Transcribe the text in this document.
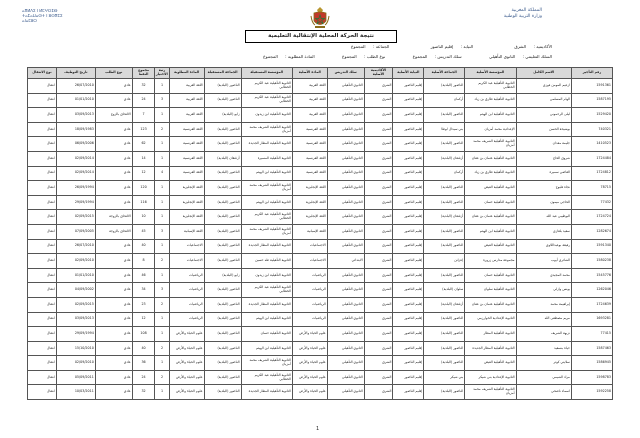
ⴰⴳⵍⴷⵉ ⵏ ⵍⵎⵖⵔⵉⴱ
ⵜⴰⵎⴰⵡⴰⵙⵜ ⵏ ⵓⵙⴳⵎⵉ
ⴰⵏⴰⵎⵓⵔ
المملكة المغربية
وزارة التربية الوطنية
نتيجة الحركة المحلية الإنتقالية التعليمية
الأكاديمية : الشرق النيابة : إقليم الناضور الجماعة : المجموع
السلك التعليمي : الثانوي التأهيلي سلك التدريس : المجموع نوع الطلب : المجموع المادة المطلوبة : المجموع
رقم التأجير	الاسم الكامل	المؤسسة الأصلية	الجماعة الأصلية	النيابة الأصلية	الأكاديمية الأصلية	سلك التدريس	المادة الأصلية	المؤسسة المستقبلة	الجماعة المستقبلة	المادة المطلوبة	رتبة الاختيار	مجموع النقط	نوع الطلب	تاريخ التوظيف	نوع الانتقال
1591361	ازعيم المومن فوزي	الثانوية التأهيلية عبد الكريم الخطابي	الناضور (البلدية)	إقليم الناضور	الشرق	الثانوي التأهيلي	اللغة العربية	الثانوية التأهيلية عبد الكريم الخطابي	الناضور (البلدية)	اللغة العربية	1	32	عادي	26/07/2010	انتقال
1587195	الهام المسلمي	الثانوية التأهيلية طارق بن زياد	أركمان	إقليم الناضور	الشرق	الثانوي التأهيلي	اللغة العربية	الثانوية التأهيلية عبد الكريم الخطابي	الناضور (البلدية)	اللغة العربية	3	24	عادي	01/01/2010	انتقال
1529420	ليلى الرحموني	الثانوية التأهيلية ابن الهيثم	الناضور (البلدية)	إقليم الناضور	الشرق	الثانوي التأهيلي	اللغة العربية	الثانوية التأهيلية ابن زيدون	زايو (البلدية)	اللغة العربية	1	7	الالتحاق بالزوج	03/09/2013	انتقال
740321	بوشيحة الحسن	الإعدادية محمد أمزيان	بني سيدال لوطا	إقليم الناضور	الشرق	الثانوي التأهيلي	اللغة الفرنسية	الثانوية التأهيلية الشريف محمد أمزيان	الناضور (البلدية)	اللغة الفرنسية	2	123	عادي	18/09/1983	انتقال
1410523	جليمة معدان	الثانوية التأهيلية الشريف محمد أمزيان	الناضور (البلدية)	إقليم الناضور	الشرق	الثانوي التأهيلي	اللغة الفرنسية	الثانوية التأهيلية المطار الجديدة	الناضور (البلدية)	اللغة الفرنسية	1	62	عادي	06/09/2006	انتقال
1724484	شروق الحاج	الثانوية التأهيلية عثمان بن عفان	أزغنغان (البلدية)	إقليم الناضور	الشرق	الثانوي التأهيلي	اللغة الفرنسية	الثانوية التأهيلية المسيرة	أزغنغان (البلدية)	اللغة الفرنسية	1	14	عادي	02/09/2014	انتقال
1724812	القاضي سميرة	الثانوية التأهيلية طارق بن زياد	أركمان	إقليم الناضور	الشرق	الثانوي التأهيلي	اللغة الفرنسية	الثانوية التأهيلية ابن الهيثم	الناضور (البلدية)	اللغة الفرنسية	4	12	عادي	02/09/2014	انتقال
78715	نجاة فليوح	الثانوية التأهيلية الفيض	الناضور (البلدية)	إقليم الناضور	الشرق	الثانوي التأهيلي	اللغة الإنجليزية	الثانوية التأهيلية الشريف محمد أمزيان	الناضور (البلدية)	اللغة الإنجليزية	1	120	عادي	26/09/1994	انتقال
77432	الحاجي ميمون	الثانوية التأهيلية حسان	الناضور (البلدية)	إقليم الناضور	الشرق	الثانوي التأهيلي	اللغة الإنجليزية	الثانوية التأهيلية ابن الهيثم	الناضور (البلدية)	اللغة الإنجليزية	1	116	عادي	29/09/1994	انتقال
1724724	البوطيبي عبد الله	الثانوية التأهيلية عثمان بن عفان	أزغنغان (البلدية)	إقليم الناضور	الشرق	الثانوي التأهيلي	اللغة الإنجليزية	الثانوية التأهيلية عبد الكريم الخطابي	الناضور (البلدية)	اللغة الإنجليزية	1	10	الالتحاق بالزوجة	02/09/2015	انتقال
1282674	سعيد بلغازي	الثانوية التأهيلية ابن الهيثم	الناضور (البلدية)	إقليم الناضور	الشرق	الثانوي التأهيلي	اللغة الإسبانية	الثانوية التأهيلية الشريف محمد أمزيان	الناضور (البلدية)	اللغة الإسبانية	3	45	الالتحاق بالزوجة	07/09/2005	انتقال
1591340	رفيقة بوعبداللاوي	الثانوية التأهيلية الفيض	الناضور (البلدية)	إقليم الناضور	الشرق	الثانوي التأهيلي	الاجتماعيات	الثانوية التأهيلية المطار الجديدة	الناضور (البلدية)	الاجتماعيات	1	40	عادي	26/07/2010	انتقال
1580238	الشائري أيوب	مجموعة مدارس زرورة	إعزانن	إقليم الناضور	الشرق	الابتدائي	الاجتماعيات	الثانوية التأهيلية طه حسين	الناضور (البلدية)	الاجتماعيات	2	8	عادي	02/09/2010	انتقال
1545776	محمد المجيدي	الثانوية التأهيلية حسان	الناضور (البلدية)	إقليم الناضور	الشرق	الثانوي التأهيلي	الرياضيات	الثانوية التأهيلية ابن زيدون	زايو (البلدية)	الرياضيات	1	46	عادي	01/01/2010	انتقال
1262046	يونس وازلي	الثانوية التأهيلية سلوان	سلوان (البلدية)	إقليم الناضور	الشرق	الثانوي التأهيلي	الرياضيات	الثانوية التأهيلية عبد الكريم الخطابي	الناضور (البلدية)	الرياضيات	3	34	عادي	04/09/2002	انتقال
1724639	إبراهيمة محمد	الثانوية التأهيلية عثمان بن عفان	أزغنغان (البلدية)	إقليم الناضور	الشرق	الثانوي التأهيلي	الرياضيات	الثانوية التأهيلية المطار الجديدة	الناضور (البلدية)	الرياضيات	2	23	عادي	02/09/2015	انتقال
1693281	مريم مصطفى الله	الثانوية الإعدادية الخوارزمي	الناضور (البلدية)	إقليم الناضور	الشرق	الثانوي التأهيلي	الرياضيات	الثانوية التأهيلية ابن الهيثم	الناضور (البلدية)	الرياضيات	1	12	عادي	03/09/2013	انتقال
77415	نزيهة الشريف	الثانوية التأهيلية المطار	الناضور (البلدية)	إقليم الناضور	الشرق	الثانوي التأهيلي	علوم الحياة والأرض	الثانوية التأهيلية حسان	الناضور (البلدية)	علوم الحياة والأرض	1	108	عادي	29/09/1994	انتقال
1587463	حياة بنسعيد	الثانوية التأهيلية المطار الجديدة	الناضور (البلدية)	إقليم الناضور	الشرق	الثانوي التأهيلي	علوم الحياة والأرض	الثانوية التأهيلية ابن الهيثم	الناضور (البلدية)	علوم الحياة والأرض	2	40	عادي	15/10/2010	انتقال
1586945	سلايتي كوثر	الثانوية التأهيلية الفيض	الناضور (البلدية)	إقليم الناضور	الشرق	الثانوي التأهيلي	علوم الحياة والأرض	الثانوية التأهيلية الشريف محمد أمزيان	الناضور (البلدية)	علوم الحياة والأرض	1	36	عادي	02/09/2010	انتقال
1598783	مراد الشيمي	الثانوية الإعدادية بني شيكر	بني شيكر	إقليم الناضور	الشرق	الثانوي التأهيلي	علوم الحياة والأرض	الثانوية التأهيلية عبد الكريم الخطابي	الناضور (البلدية)	علوم الحياة والأرض	2	24	عادي	05/09/2011	انتقال
1592258	اسماء ناصحي	الثانوية التأهيلية الشريف محمد أمزيان	الناضور (البلدية)	إقليم الناضور	الشرق	الثانوي التأهيلي	علوم الحياة والأرض	الثانوية التأهيلية المطار الجديدة	الناضور (البلدية)	علوم الحياة والأرض	1	32	عادي	10/03/2011	انتقال
1
